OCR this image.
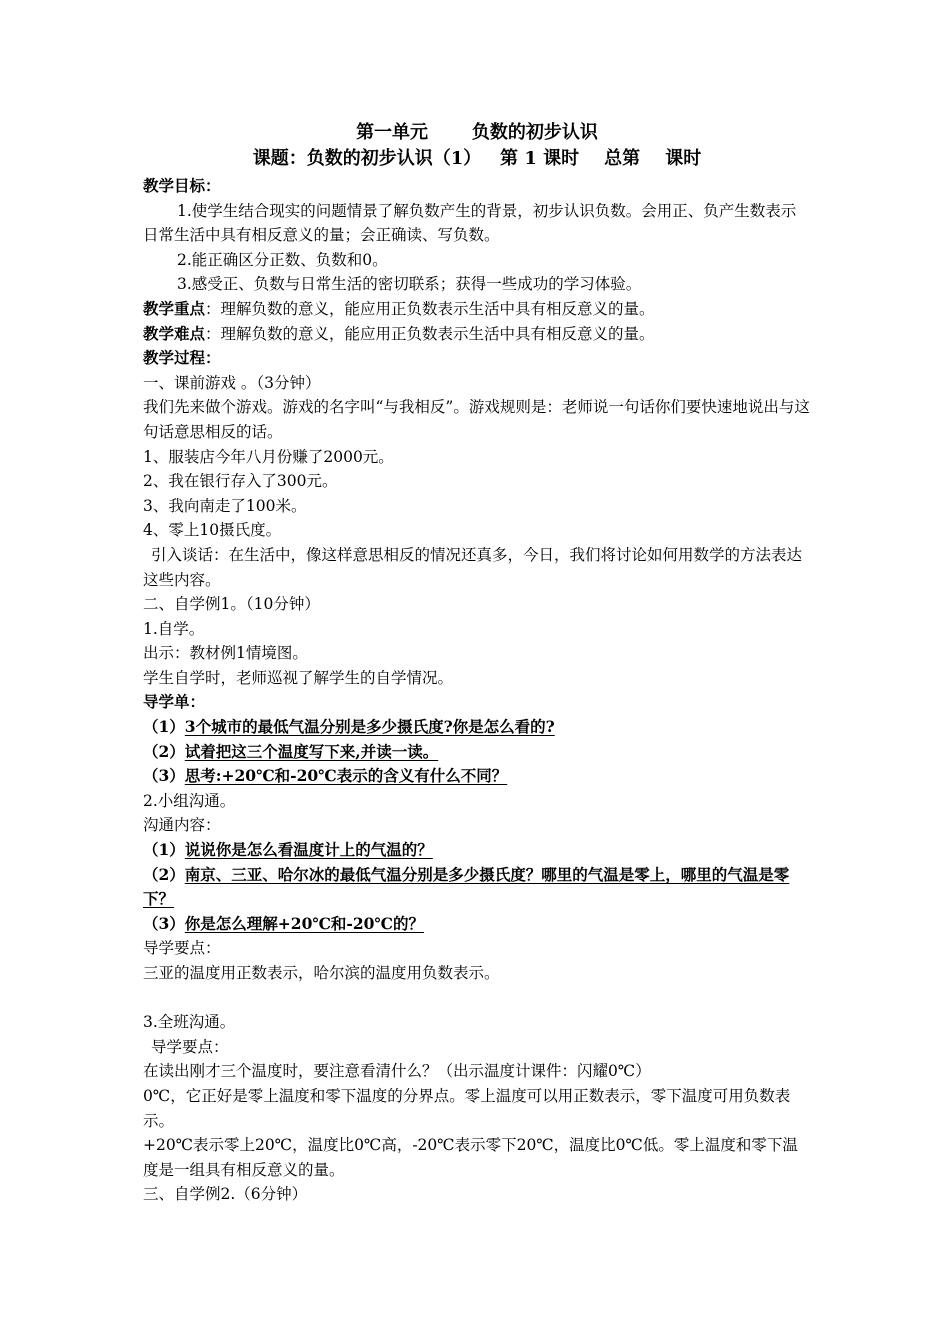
第一单元       负数的初步认识

课题：负数的初步认识（1）   第 1 课时    总第    课时

教学目标：

1.使学生结合现实的问题情景了解负数产生的背景，初步认识负数。会用正、负产生数表示日常生活中具有相反意义的量；会正确读、写负数。

2.能正确区分正数、负数和0。

3.感受正、负数与日常生活的密切联系；获得一些成功的学习体验。

教学重点：理解负数的意义，能应用正负数表示生活中具有相反意义的量。

教学难点：理解负数的意义，能应用正负数表示生活中具有相反意义的量。

教学过程：

一、课前游戏 。（3分钟）

我们先来做个游戏。游戏的名字叫“与我相反”。游戏规则是：老师说一句话你们要快速地说出与这句话意思相反的话。

1、服装店今年八月份赚了2000元。

2、我在银行存入了300元。

3、我向南走了100米。

4、零上10摄氏度。

引入谈话：在生活中，像这样意思相反的情况还真多，今日，我们将讨论如何用数学的方法表达这些内容。

二、自学例1。（10分钟）

1.自学。

出示：教材例1情境图。

学生自学时，老师巡视了解学生的自学情况。

导学单：

（1）3个城市的最低气温分别是多少摄氏度?你是怎么看的?

（2）试着把这三个温度写下来,并读一读。

（3）思考:+20℃和-20℃表示的含义有什么不同？

2.小组沟通。

沟通内容：

（1）说说你是怎么看温度计上的气温的？

（2）南京、三亚、哈尔冰的最低气温分别是多少摄氏度？哪里的气温是零上，哪里的气温是零下？

（3）你是怎么理解+20℃和-20℃的？

导学要点：

三亚的温度用正数表示，哈尔滨的温度用负数表示。

3.全班沟通。

导学要点：

在读出刚才三个温度时，要注意看清什么？（出示温度计课件：闪耀0℃）

0℃，它正好是零上温度和零下温度的分界点。零上温度可以用正数表示，零下温度可用负数表示。

+20℃表示零上20℃，温度比0℃高，-20℃表示零下20℃，温度比0℃低。零上温度和零下温度是一组具有相反意义的量。

三、自学例2.（6分钟）
